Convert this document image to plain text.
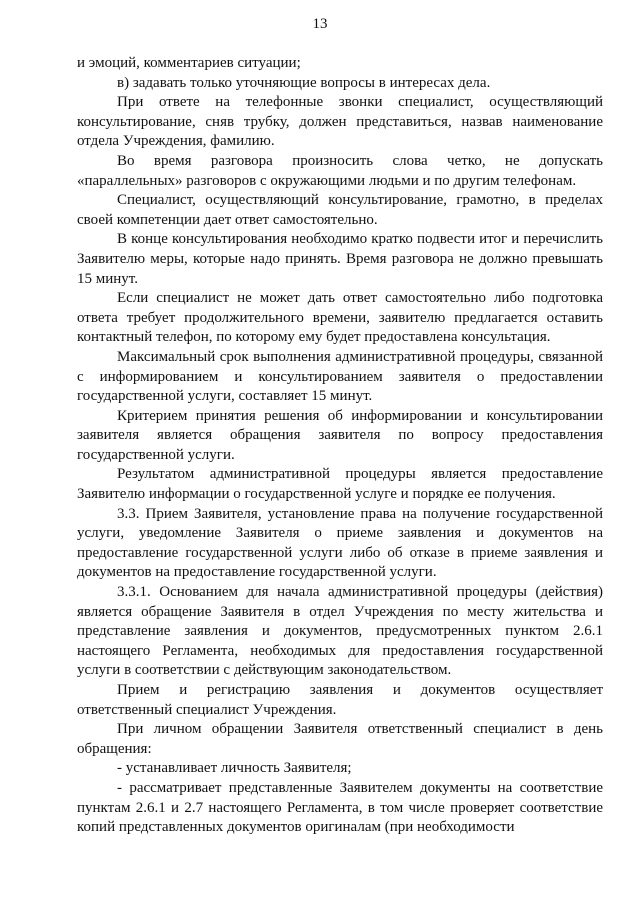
13

и эмоций, комментариев ситуации;

в) задавать только уточняющие вопросы в интересах дела.

При ответе на телефонные звонки специалист, осуществляющий консультирование, сняв трубку, должен представиться, назвав наименование отдела Учреждения, фамилию.

Во время разговора произносить слова четко, не допускать «параллельных» разговоров с окружающими людьми и по другим телефонам.

Специалист, осуществляющий консультирование, грамотно, в пределах своей компетенции дает ответ самостоятельно.

В конце консультирования необходимо кратко подвести итог и перечислить Заявителю меры, которые надо принять. Время разговора не должно превышать 15 минут.

Если специалист не может дать ответ самостоятельно либо подготовка ответа требует продолжительного времени, заявителю предлагается оставить контактный телефон, по которому ему будет предоставлена консультация.

Максимальный срок выполнения административной процедуры, связанной с информированием и консультированием заявителя о предоставлении государственной услуги, составляет 15 минут.

Критерием принятия решения об информировании и консультировании заявителя является обращения заявителя по вопросу предоставления государственной услуги.

Результатом административной процедуры является предоставление Заявителю информации о государственной услуге и порядке ее получения.

3.3. Прием Заявителя, установление права на получение государственной услуги, уведомление Заявителя о приеме заявления и документов на предоставление государственной услуги либо об отказе в приеме заявления и документов на предоставление государственной услуги.

3.3.1. Основанием для начала административной процедуры (действия) является обращение Заявителя в отдел Учреждения по месту жительства и представление заявления и документов, предусмотренных пунктом 2.6.1 настоящего Регламента, необходимых для предоставления государственной услуги в соответствии с действующим законодательством.

Прием и регистрацию заявления и документов осуществляет ответственный специалист Учреждения.

При личном обращении Заявителя ответственный специалист в день обращения:

- устанавливает личность Заявителя;

- рассматривает представленные Заявителем документы на соответствие пунктам 2.6.1 и 2.7 настоящего Регламента, в том числе проверяет соответствие копий представленных документов оригиналам (при необходимости
